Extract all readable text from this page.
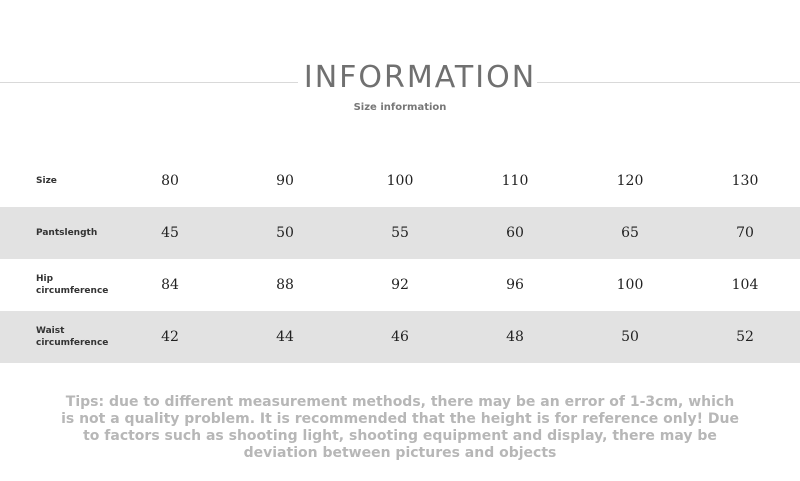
INFORMATION
Size information
Size	80	90	100	110	120	130
Pantslength	45	50	55	60	65	70
Hip circumference	84	88	92	96	100	104
Waist circumference	42	44	46	48	50	52
Tips: due to different measurement methods, there may be an error of 1-3cm, which is not a quality problem. It is recommended that the height is for reference only! Due to factors such as shooting light, shooting equipment and display, there may be deviation between pictures and objects
